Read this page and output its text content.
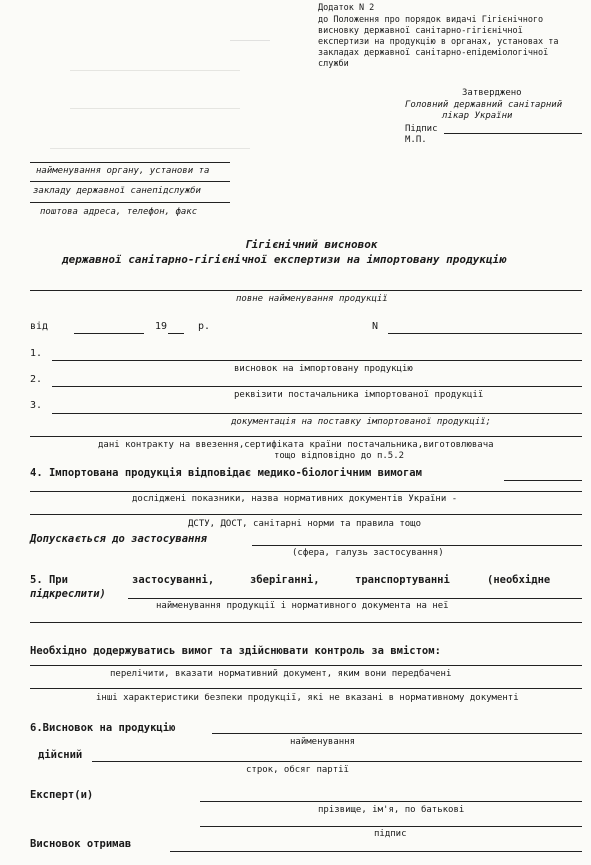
Додаток N 2
до Положення про порядок видачі Гігієнічного
висновку державної санітарно-гігієнічної
експертизи на продукцію в органах, установах та
закладах державної санітарно-епідеміологічної
служби
Затверджено
Головний державний санітарний
лікар України
Підпис
М.П.
найменування органу, установи та
закладу державної санепідслужби
поштова адреса, телефон, факс
Гігієнічний висновок
державної санітарно-гігієнічної експертизи на імпортовану продукцію
повне найменування продукції
від	19	р.	N
1.
висновок на імпортовану продукцію
2.
реквізити постачальника імпортованої продукції
3.
документація на поставку імпортованої продукції;
дані контракту на ввезення,сертифіката країни постачальника,виготовлювача
тощо відповідно до п.5.2
4. Імпортована продукція відповідає медико-біологічним вимогам
досліджені показники, назва нормативних документів України -
ДСТУ, ДОСТ, санітарні норми та правила тощо
Допускається до застосування
(сфера, галузь застосування)
5. При	застосуванні,	зберіганні,	транспортуванні	(необхідне
підкреслити)
найменування продукції і нормативного документа на неї
Необхідно додержуватись вимог та здійснювати контроль за вмістом:
перелічити, вказати нормативний документ, яким вони передбачені
інші характеристики безпеки продукції, які не вказані в нормативному документі
6.Висновок на продукцію
найменування
дійсний
строк, обсяг партії
Експерт(и)
прізвище, ім'я, по батькові
підпис
Висновок отримав
